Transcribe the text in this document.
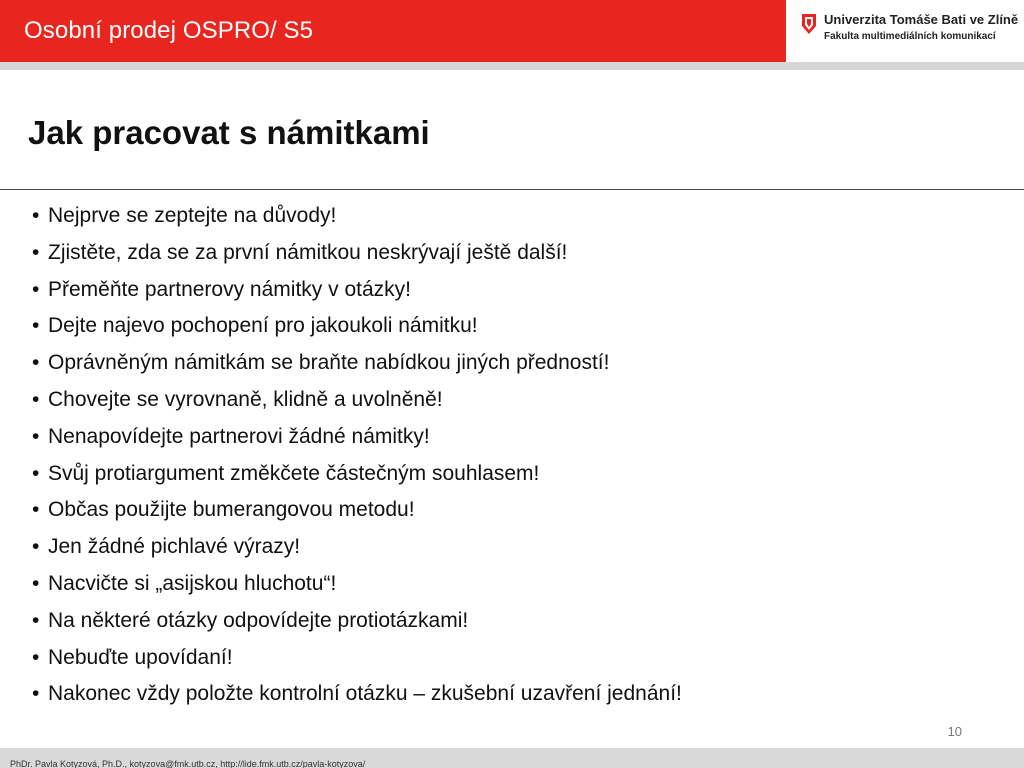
Osobní prodej OSPRO/ S5	Univerzita Tomáše Bati ve Zlíně
Fakulta multimediálních komunikací
Jak pracovat s námitkami
• Nejprve se zeptejte na důvody!
• Zjistěte, zda se za první námitkou neskrývají ještě další!
• Přeměňte partnerovy námitky v otázky!
• Dejte najevo pochopení pro jakoukoli námitku!
• Oprávněným námitkám se braňte nabídkou jiných předností!
• Chovejte se vyrovnaně, klidně a uvolněně!
• Nenapovídejte partnerovi žádné námitky!
• Svůj protiargument změkčete částečným souhlasem!
• Občas použijte bumerangovou metodu!
• Jen žádné pichlavé výrazy!
• Nacvičte si „asijskou hluchotu“!
• Na některé otázky odpovídejte protiotázkami!
• Nebuďte upovídaní!
• Nakonec vždy položte kontrolní otázku – zkušební uzavření jednání!
10
PhDr. Pavla Kotyzová, Ph.D., kotyzova@fmk.utb.cz, http://lide.fmk.utb.cz/pavla-kotyzova/
